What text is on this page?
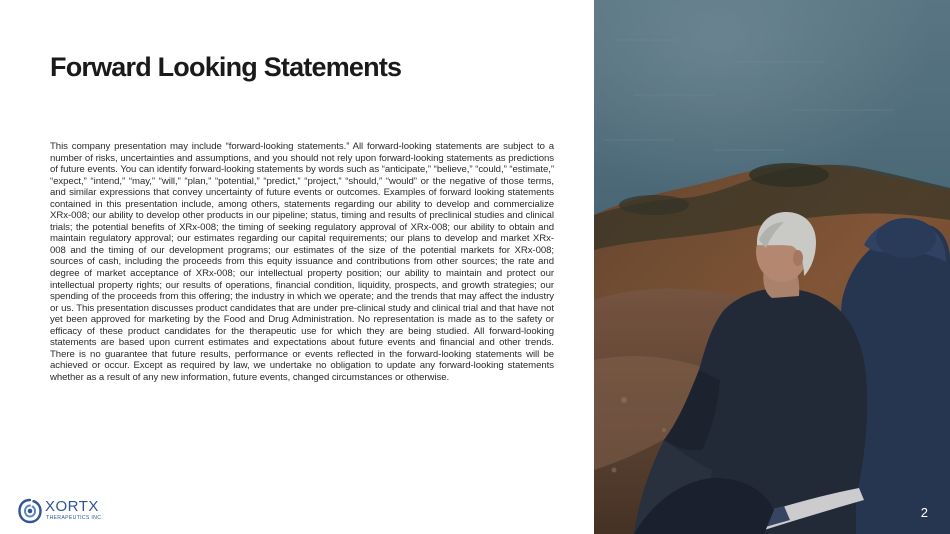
Forward Looking Statements

This company presentation may include “forward-looking statements.” All forward-looking statements are subject to a number of risks, uncertainties and assumptions, and you should not rely upon forward-looking statements as predictions of future events. You can identify forward-looking statements by words such as “anticipate,” “believe,” “could,” “estimate,” “expect,” “intend,” “may,” “will,” “plan,” “potential,” “predict,” “project,” “should,” “would” or the negative of those terms, and similar expressions that convey uncertainty of future events or outcomes. Examples of forward looking statements contained in this presentation include, among others, statements regarding our ability to develop and commercialize XRx-008; our ability to develop other products in our pipeline; status, timing and results of preclinical studies and clinical trials; the potential benefits of XRx-008; the timing of seeking regulatory approval of XRx-008; our ability to obtain and maintain regulatory approval; our estimates regarding our capital requirements; our plans to develop and market XRx-008 and the timing of our development programs; our estimates of the size of the potential markets for XRx-008; sources of cash, including the proceeds from this equity issuance and contributions from other sources; the rate and degree of market acceptance of XRx-008; our intellectual property position; our ability to maintain and protect our intellectual property rights; our results of operations, financial condition, liquidity, prospects, and growth strategies; our spending of the proceeds from this offering; the industry in which we operate; and the trends that may affect the industry or us. This presentation discusses product candidates that are under pre-clinical study and clinical trial and that have not yet been approved for marketing by the Food and Drug Administration. No representation is made as to the safety or efficacy of these product candidates for the therapeutic use for which they are being studied. All forward-looking statements are based upon current estimates and expectations about future events and financial and other trends. There is no guarantee that future results, performance or events reflected in the forward-looking statements will be achieved or occur. Except as required by law, we undertake no obligation to update any forward-looking statements whether as a result of any new information, future events, changed circumstances or otherwise.

2
XORTX
THERAPEUTICS INC.
